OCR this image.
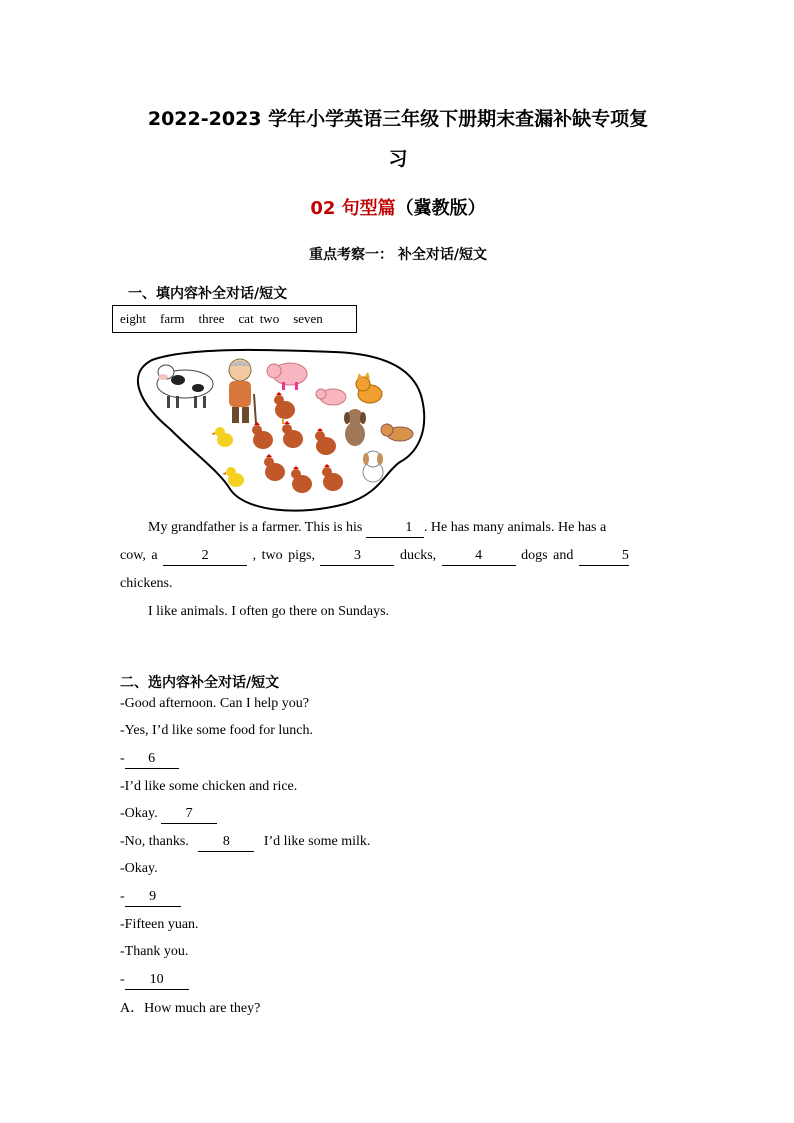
2022-2023 学年小学英语三年级下册期末查漏补缺专项复
习
02 句型篇（冀教版）
重点考察一： 补全对话/短文
一、填内容补全对话/短文
eight farm three cat two seven
My grandfather is a farmer. This is his	1 . He has many animals. He has a
cow, a	2	, two pigs,	3	ducks,	4	dogs and	5
chickens.
I like animals. I often go there on Sundays.
二、选内容补全对话/短文
-Good afternoon. Can I help you?
-Yes, I’d like some food for lunch.
- 6
-I’d like some chicken and rice.
-Okay. 7
-No, thanks. 8 I’d like some milk.
-Okay.
- 9
-Fifteen yuan.
-Thank you.
- 10
A．How much are they?
